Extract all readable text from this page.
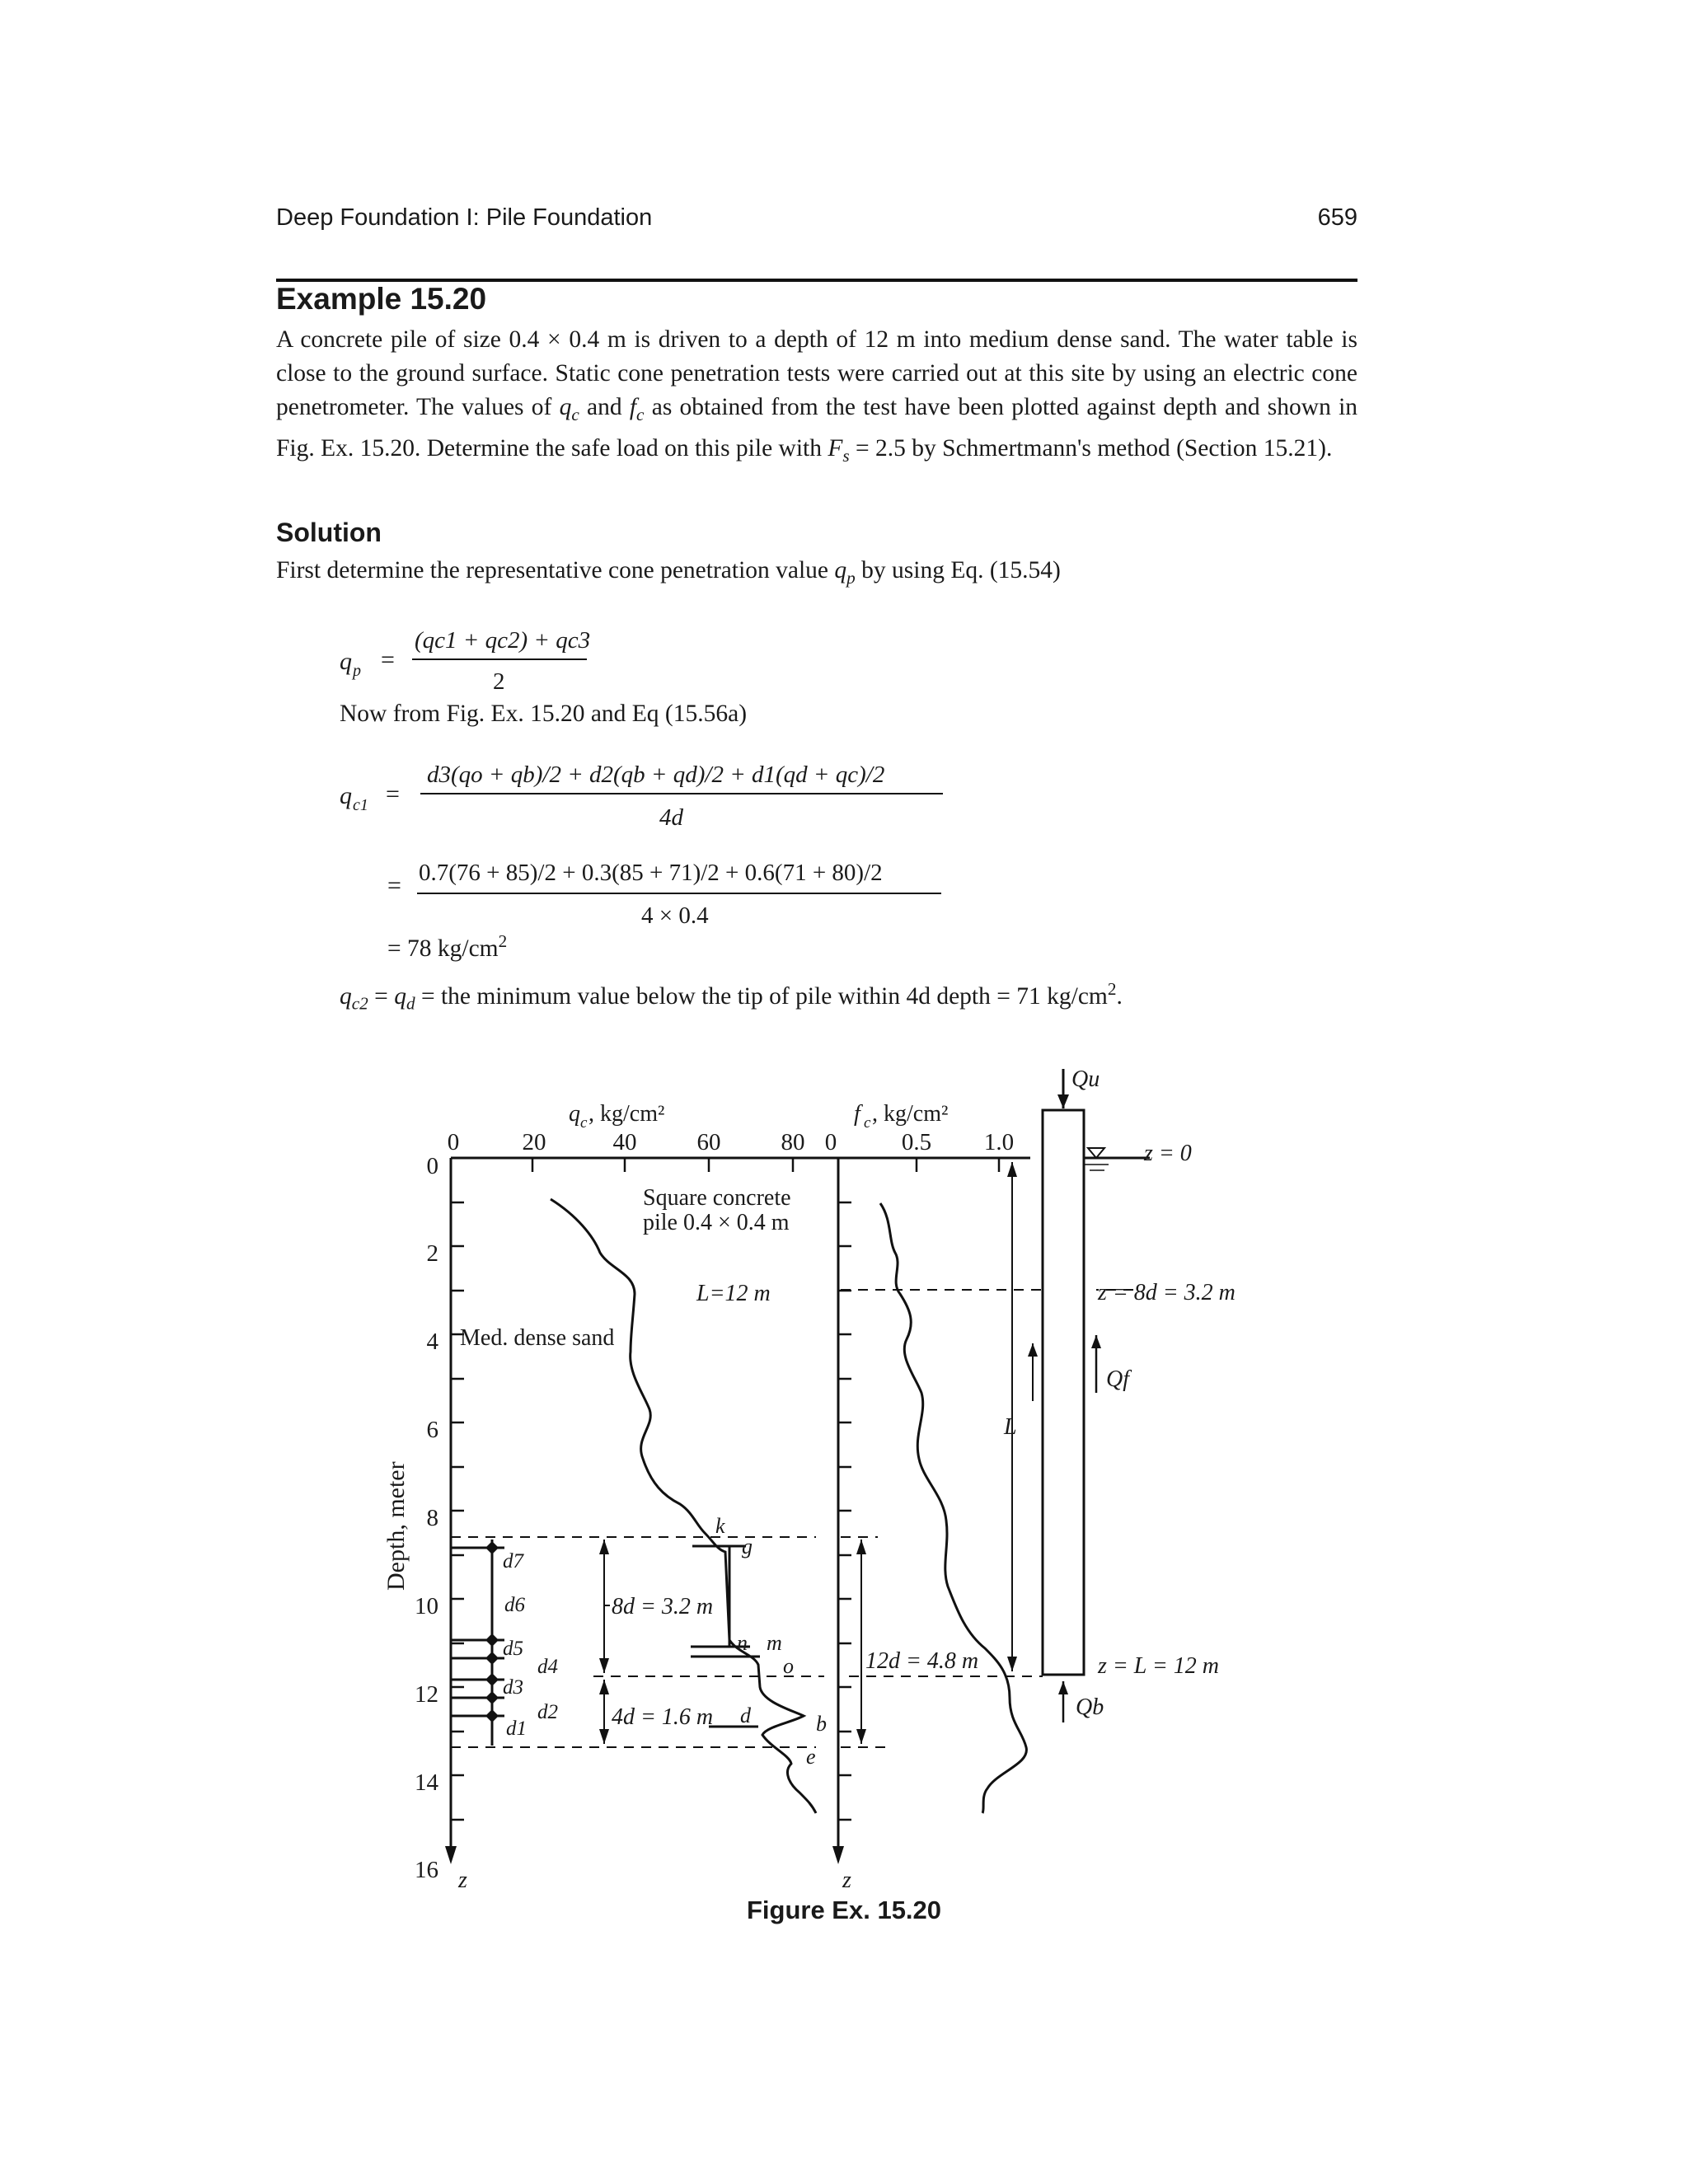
Deep Foundation I: Pile Foundation	659
Example 15.20
A concrete pile of size 0.4 × 0.4 m is driven to a depth of 12 m into medium dense sand. The water table is close to the ground surface. Static cone penetration tests were carried out at this site by using an electric cone penetrometer. The values of $q_c$ and $f_c$ as obtained from the test have been plotted against depth and shown in Fig. Ex. 15.20. Determine the safe load on this pile with $F_s = 2.5$ by Schmertmann's method (Section 15.21).
Solution
First determine the representative cone penetration value $q_p$ by using Eq. (15.54)
q p =
(qc1 + qc2) + qc3
2
Now from Fig. Ex. 15.20 and Eq (15.56a)
q c1 =
d3(qo + qb)/2 + d2(qb + qd)/2 + d1(qd + qc)/2
4d
= 0.7(76 + 85)/2 + 0.3(85 + 71)/2 + 0.6(71 + 80)/2
4 × 0.4
= 78 $kg/cm^2$
$q_{c2} = q_d$ = the minimum value below the tip of pile within 4d depth = 71 $kg/cm^2$.
0
2
4
6
8
10
12
14
16
Depth, meter
z	z
0	20	40	60	80
q c , kg/cm²
0	0.5 1.0
f c , kg/cm²
Qu
z = 0
z = 8d = 3.2 m
z = L = 12 m
Qf
Qb
L
Square concrete
pile 0.4 × 0.4 m
L=12 m
Med. dense sand
8d = 3.2 m
4d = 1.6 m
12d = 4.8 m
k
g
n m
o
d	b
e
d7
d6
d5
d4
d3
d2
d1
Figure Ex. 15.20
